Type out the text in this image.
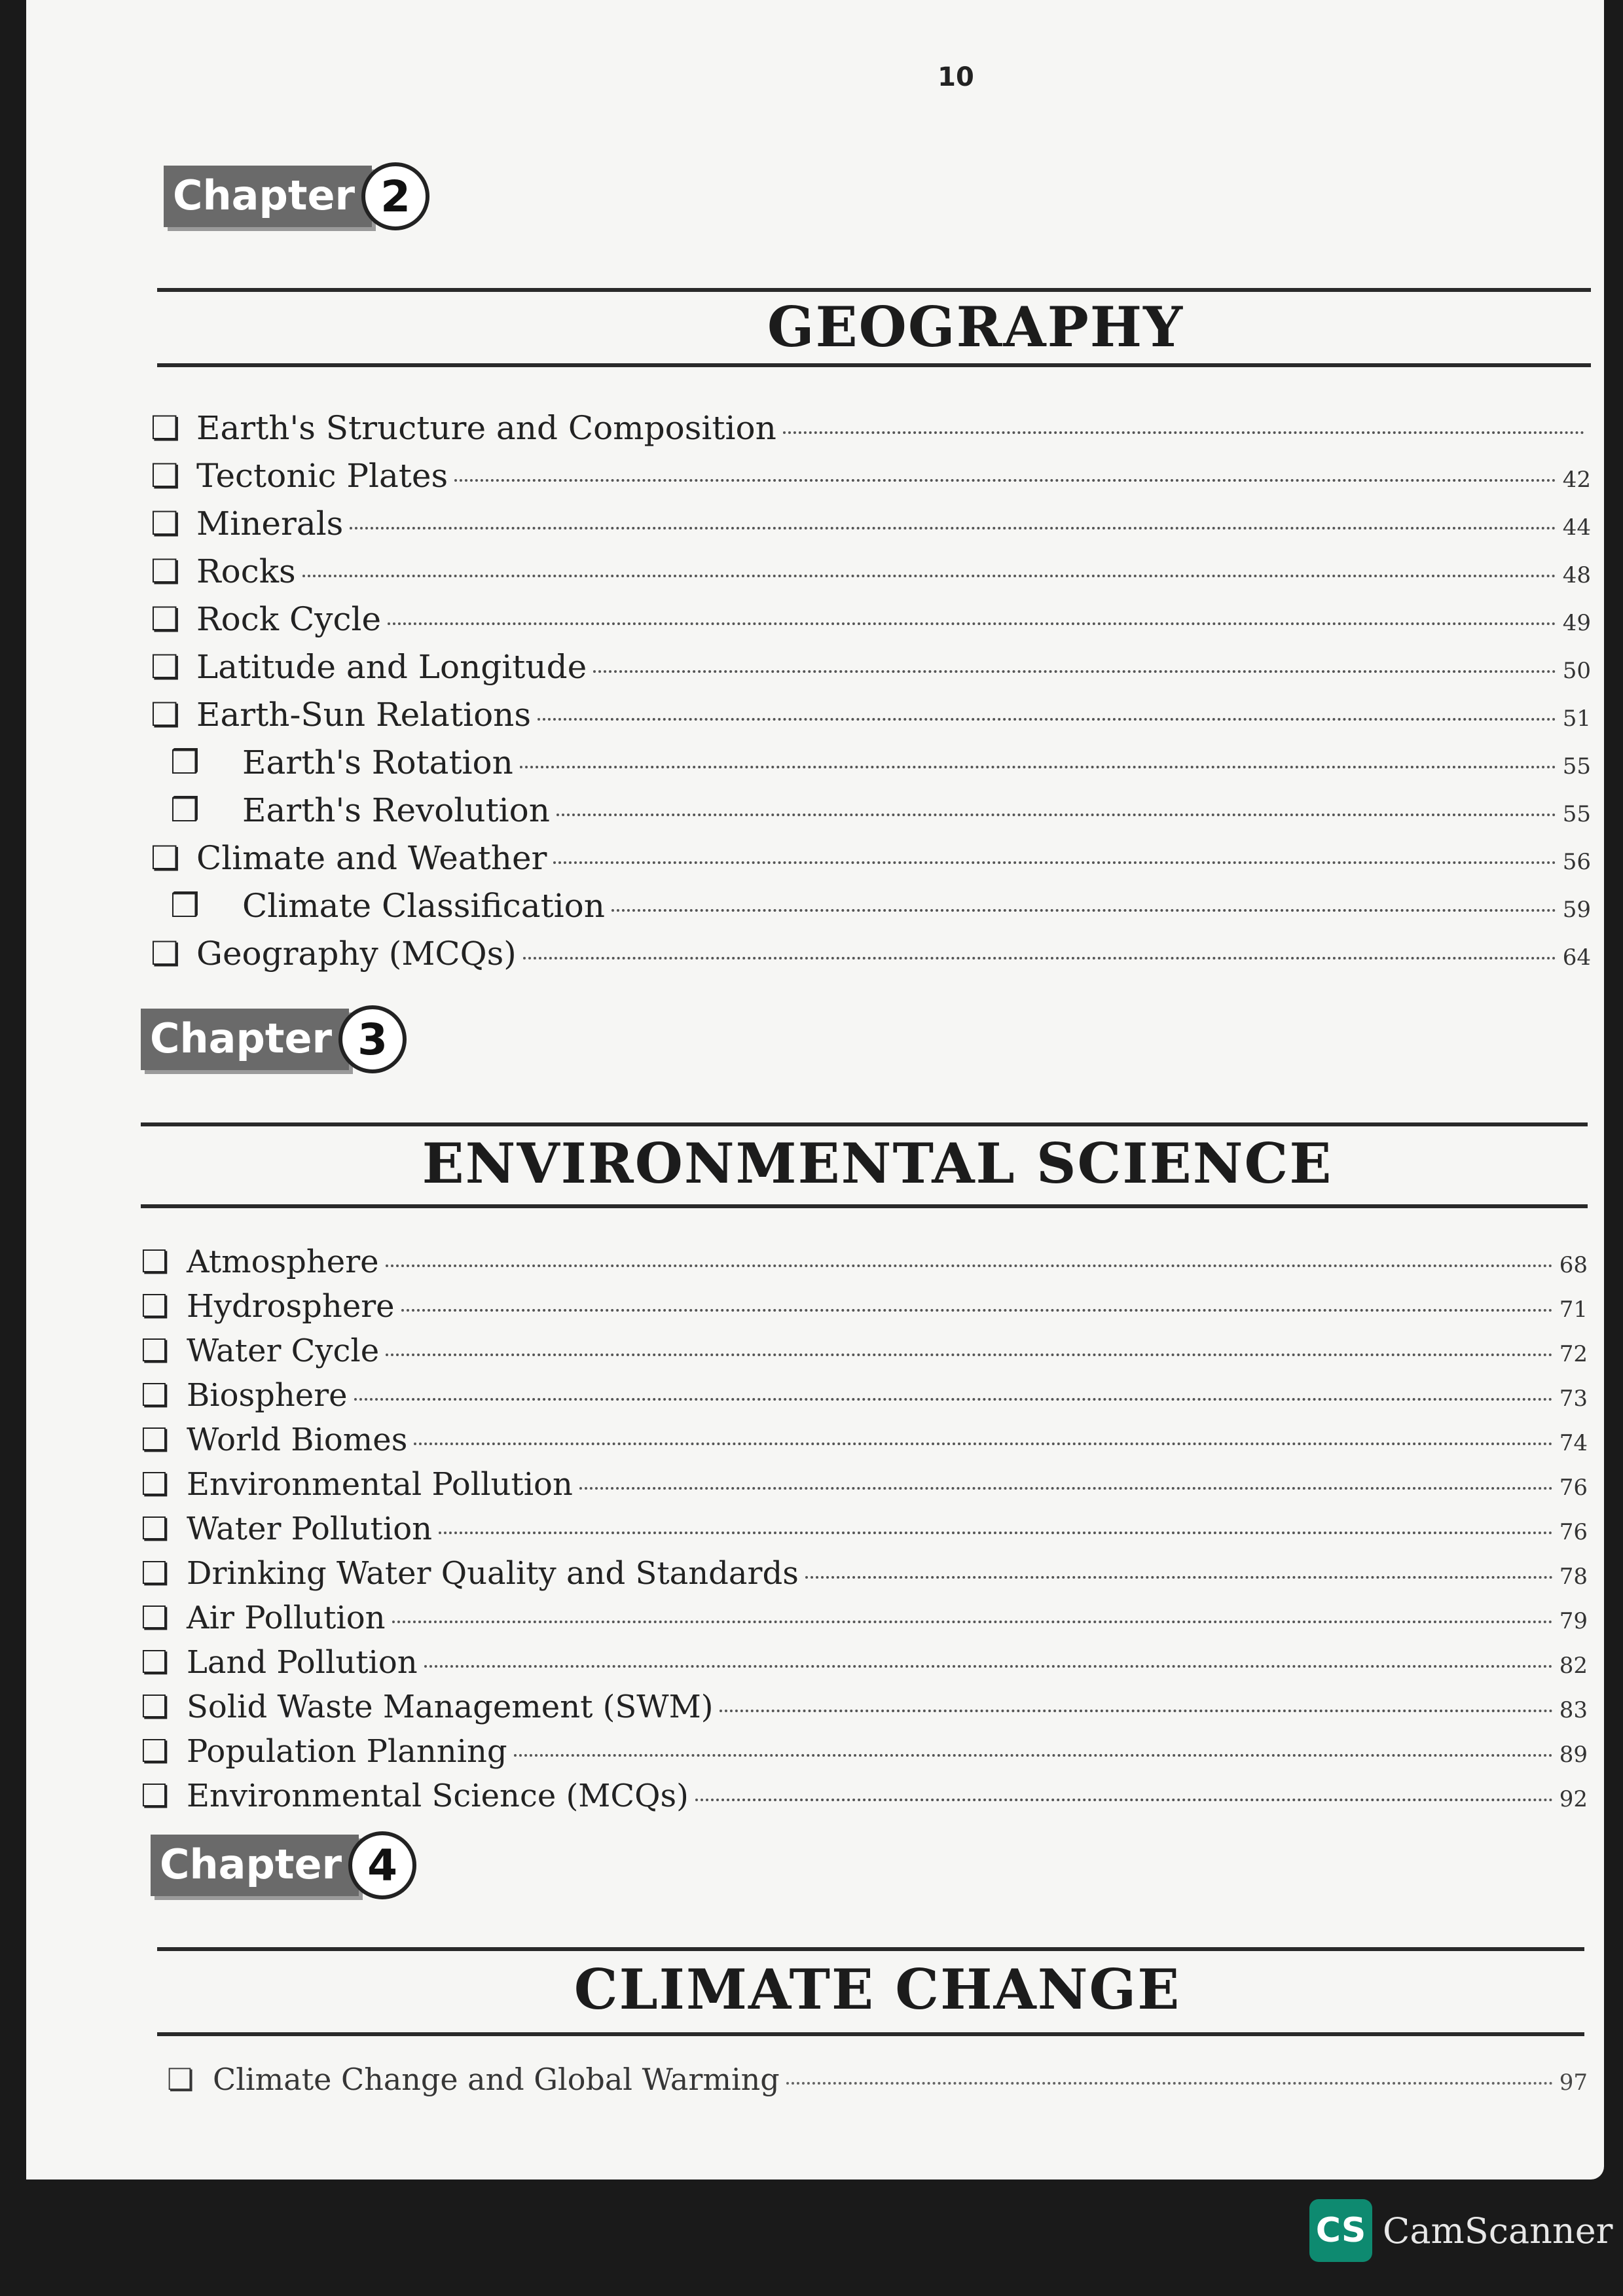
10
Chapter 2
GEOGRAPHY
❏ Earth's Structure and Composition
❏ Tectonic Plates	42
❏ Minerals	44
❏ Rocks	48
❏ Rock Cycle	49
❏ Latitude and Longitude	50
❏ Earth-Sun Relations	51
❒	Earth's Rotation	55
❒	Earth's Revolution	55
❏ Climate and Weather	56
❒	Climate Classification	59
❏ Geography (MCQs)	64
Chapter 3
ENVIRONMENTAL SCIENCE
❏ Atmosphere	68
❏ Hydrosphere	71
❏ Water Cycle	72
❏ Biosphere	73
❏ World Biomes	74
❏ Environmental Pollution	76
❏ Water Pollution	76
❏ Drinking Water Quality and Standards	78
❏ Air Pollution	79
❏ Land Pollution	82
❏ Solid Waste Management (SWM)	83
❏ Population Planning	89
❏ Environmental Science (MCQs)	92
Chapter 4
CLIMATE CHANGE
❏ Climate Change and Global Warming	97
CS CamScanner
